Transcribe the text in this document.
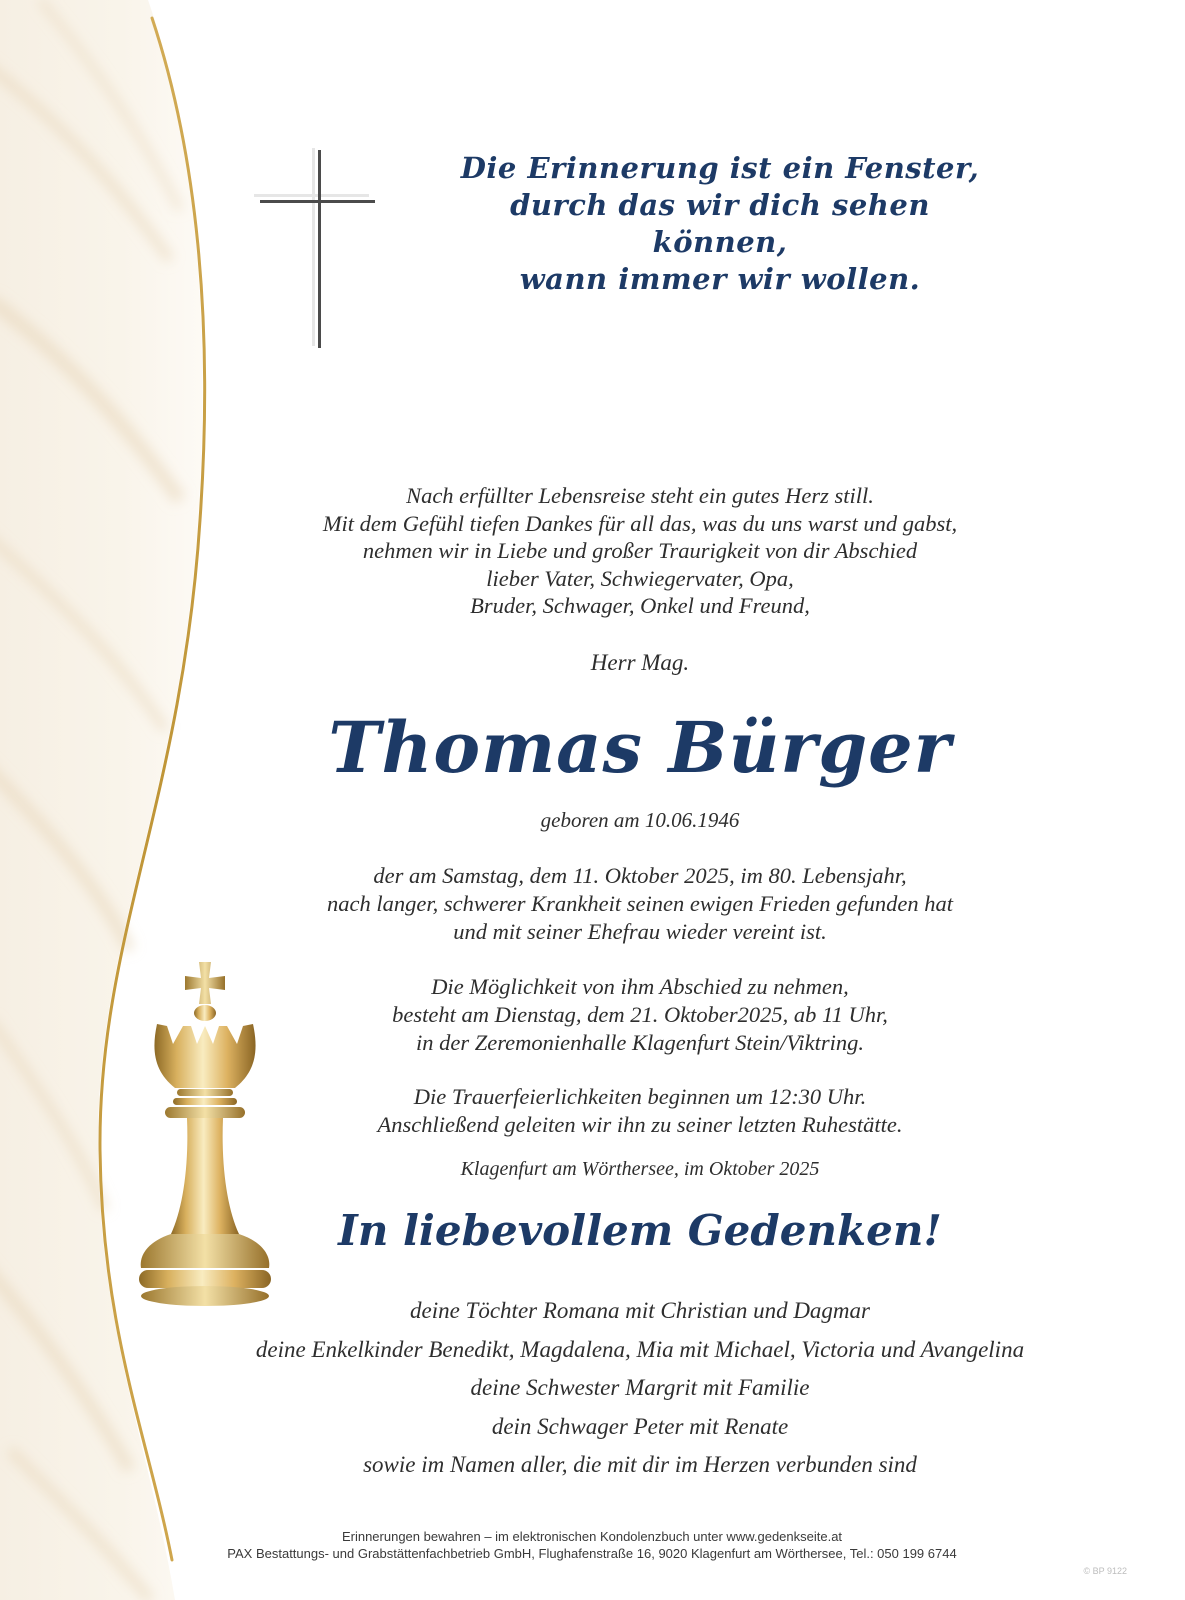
Die Erinnerung ist ein Fenster,
durch das wir dich sehen können,
wann immer wir wollen.
Nach erfüllter Lebensreise steht ein gutes Herz still.
Mit dem Gefühl tiefen Dankes für all das, was du uns warst und gabst,
nehmen wir in Liebe und großer Traurigkeit von dir Abschied
lieber Vater, Schwiegervater, Opa,
Bruder, Schwager, Onkel und Freund,
Herr Mag.
Thomas Bürger
geboren am 10.06.1946
der am Samstag, dem 11. Oktober 2025, im 80. Lebensjahr,
nach langer, schwerer Krankheit seinen ewigen Frieden gefunden hat
und mit seiner Ehefrau wieder vereint ist.
Die Möglichkeit von ihm Abschied zu nehmen,
besteht am Dienstag, dem 21. Oktober2025, ab 11 Uhr,
in der Zeremonienhalle Klagenfurt Stein/Viktring.
Die Trauerfeierlichkeiten beginnen um 12:30 Uhr.
Anschließend geleiten wir ihn zu seiner letzten Ruhestätte.
Klagenfurt am Wörthersee, im Oktober 2025
In liebevollem Gedenken!
deine Töchter Romana mit Christian und Dagmar
deine Enkelkinder Benedikt, Magdalena, Mia mit Michael, Victoria und Avangelina
deine Schwester Margrit mit Familie
dein Schwager Peter mit Renate
sowie im Namen aller, die mit dir im Herzen verbunden sind
Erinnerungen bewahren – im elektronischen Kondolenzbuch unter www.gedenkseite.at
PAX Bestattungs- und Grabstättenfachbetrieb GmbH, Flughafenstraße 16, 9020 Klagenfurt am Wörthersee, Tel.: 050 199 6744
© BP 9122
